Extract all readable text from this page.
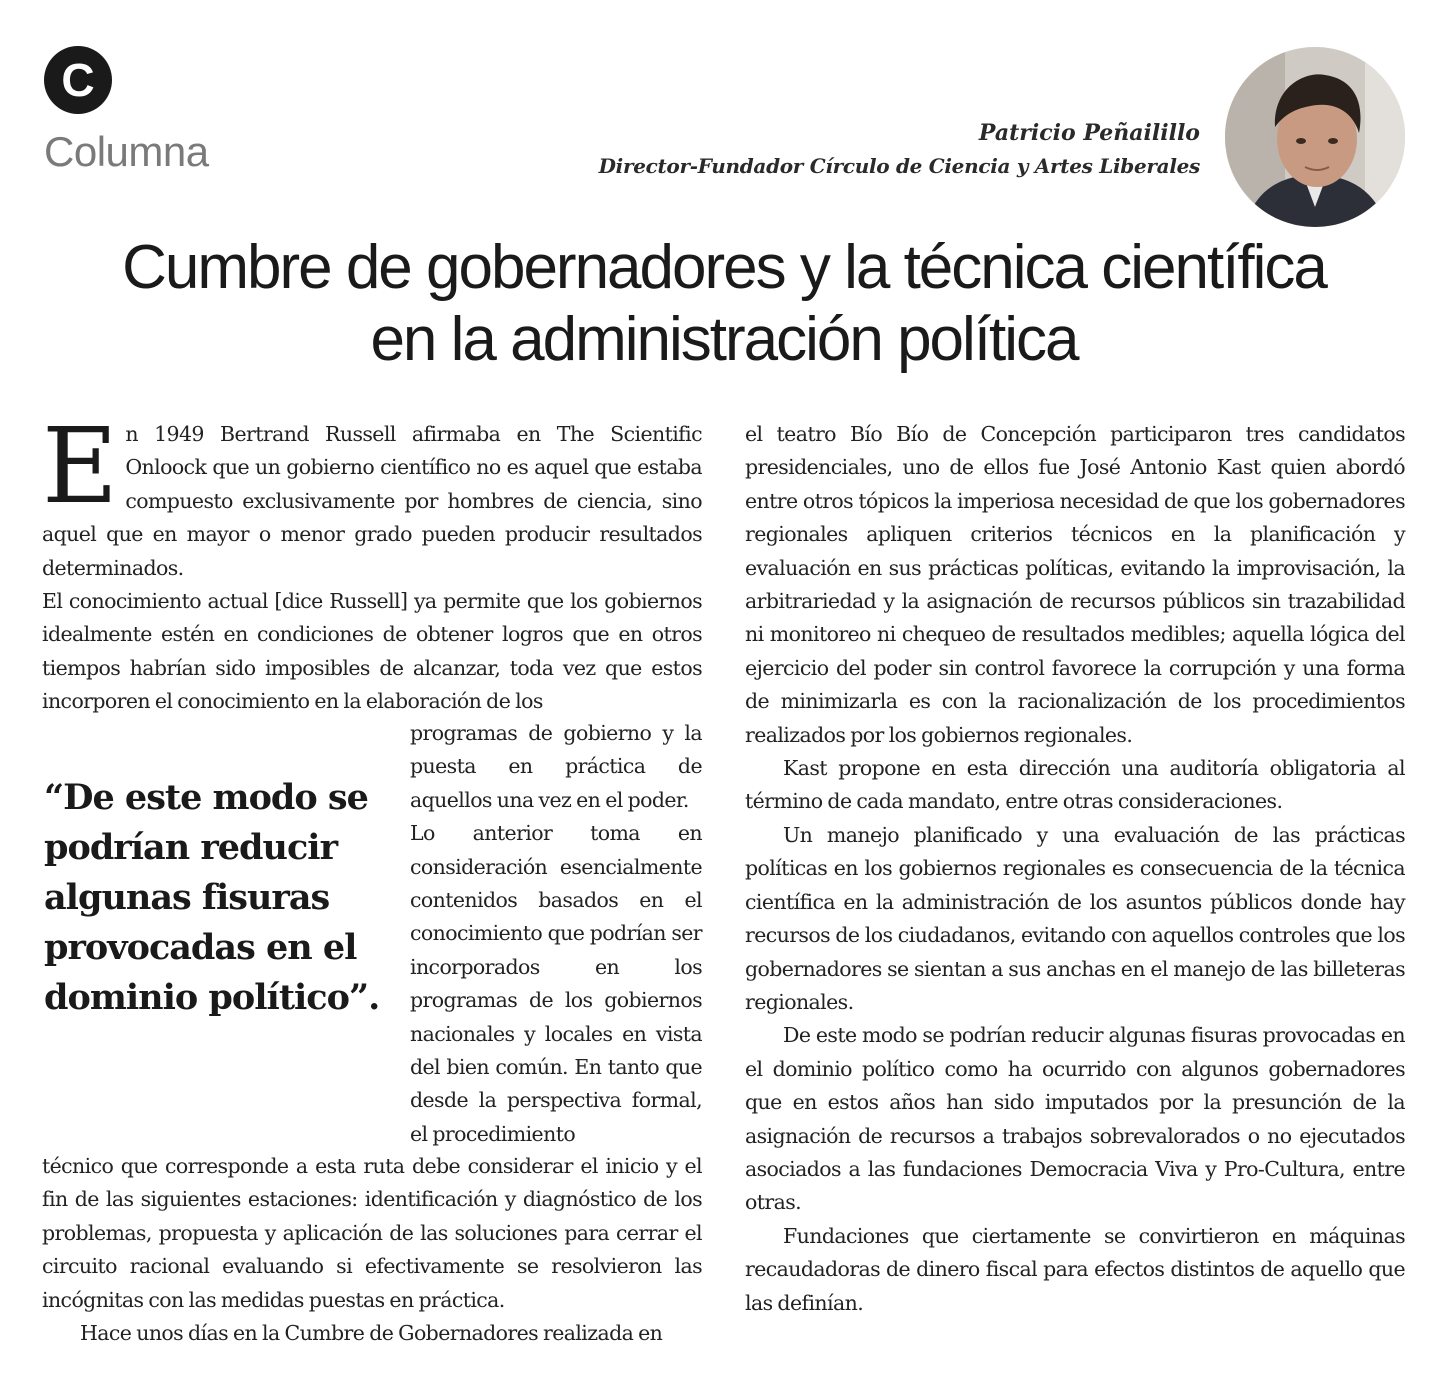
C
Columna	Patricio Peñailillo
Director-Fundador Círculo de Ciencia y Artes Liberales
Cumbre de gobernadores y la técnica científica
en la administración política

En 1949 Bertrand Russell afirmaba en The Scientific Onloock que un gobierno científico no es aquel que estaba compuesto exclusivamente por hombres de ciencia, sino aquel que en mayor o menor grado pueden producir resultados determinados.

El conocimiento actual [dice Russell] ya permite que los gobiernos idealmente estén en condiciones de obtener logros que en otros tiempos habrían sido imposibles de alcanzar, toda vez que estos incorporen el conocimiento en la elaboración de los

“De este modo se podrían reducir algunas fisuras provocadas en el dominio político”.

programas de gobierno y la puesta en práctica de aquellos una vez en el poder.

Lo anterior toma en consideración esencialmente contenidos basados en el conocimiento que podrían ser incorporados en los programas de los gobiernos nacionales y locales en vista del bien común. En tanto que desde la perspectiva formal, el procedimiento

técnico que corresponde a esta ruta debe considerar el inicio y el fin de las siguientes estaciones: identificación y diagnóstico de los problemas, propuesta y aplicación de las soluciones para cerrar el circuito racional evaluando si efectivamente se resolvieron las incógnitas con las medidas puestas en práctica.

Hace unos días en la Cumbre de Gobernadores realizada en

el teatro Bío Bío de Concepción participaron tres candidatos presidenciales, uno de ellos fue José Antonio Kast quien abordó entre otros tópicos la imperiosa necesidad de que los gobernadores regionales apliquen criterios técnicos en la planificación y evaluación en sus prácticas políticas, evitando la improvisación, la arbitrariedad y la asignación de recursos públicos sin trazabilidad ni monitoreo ni chequeo de resultados medibles; aquella lógica del ejercicio del poder sin control favorece la corrupción y una forma de minimizarla es con la racionalización de los procedimientos realizados por los gobiernos regionales.

Kast propone en esta dirección una auditoría obligatoria al término de cada mandato, entre otras consideraciones.

Un manejo planificado y una evaluación de las prácticas políticas en los gobiernos regionales es consecuencia de la técnica científica en la administración de los asuntos públicos donde hay recursos de los ciudadanos, evitando con aquellos controles que los gobernadores se sientan a sus anchas en el manejo de las billeteras regionales.

De este modo se podrían reducir algunas fisuras provocadas en el dominio político como ha ocurrido con algunos gobernadores que en estos años han sido imputados por la presunción de la asignación de recursos a trabajos sobrevalorados o no ejecutados asociados a las fundaciones Democracia Viva y Pro-Cultura, entre otras.

Fundaciones que ciertamente se convirtieron en máquinas recaudadoras de dinero fiscal para efectos distintos de aquello que las definían.
